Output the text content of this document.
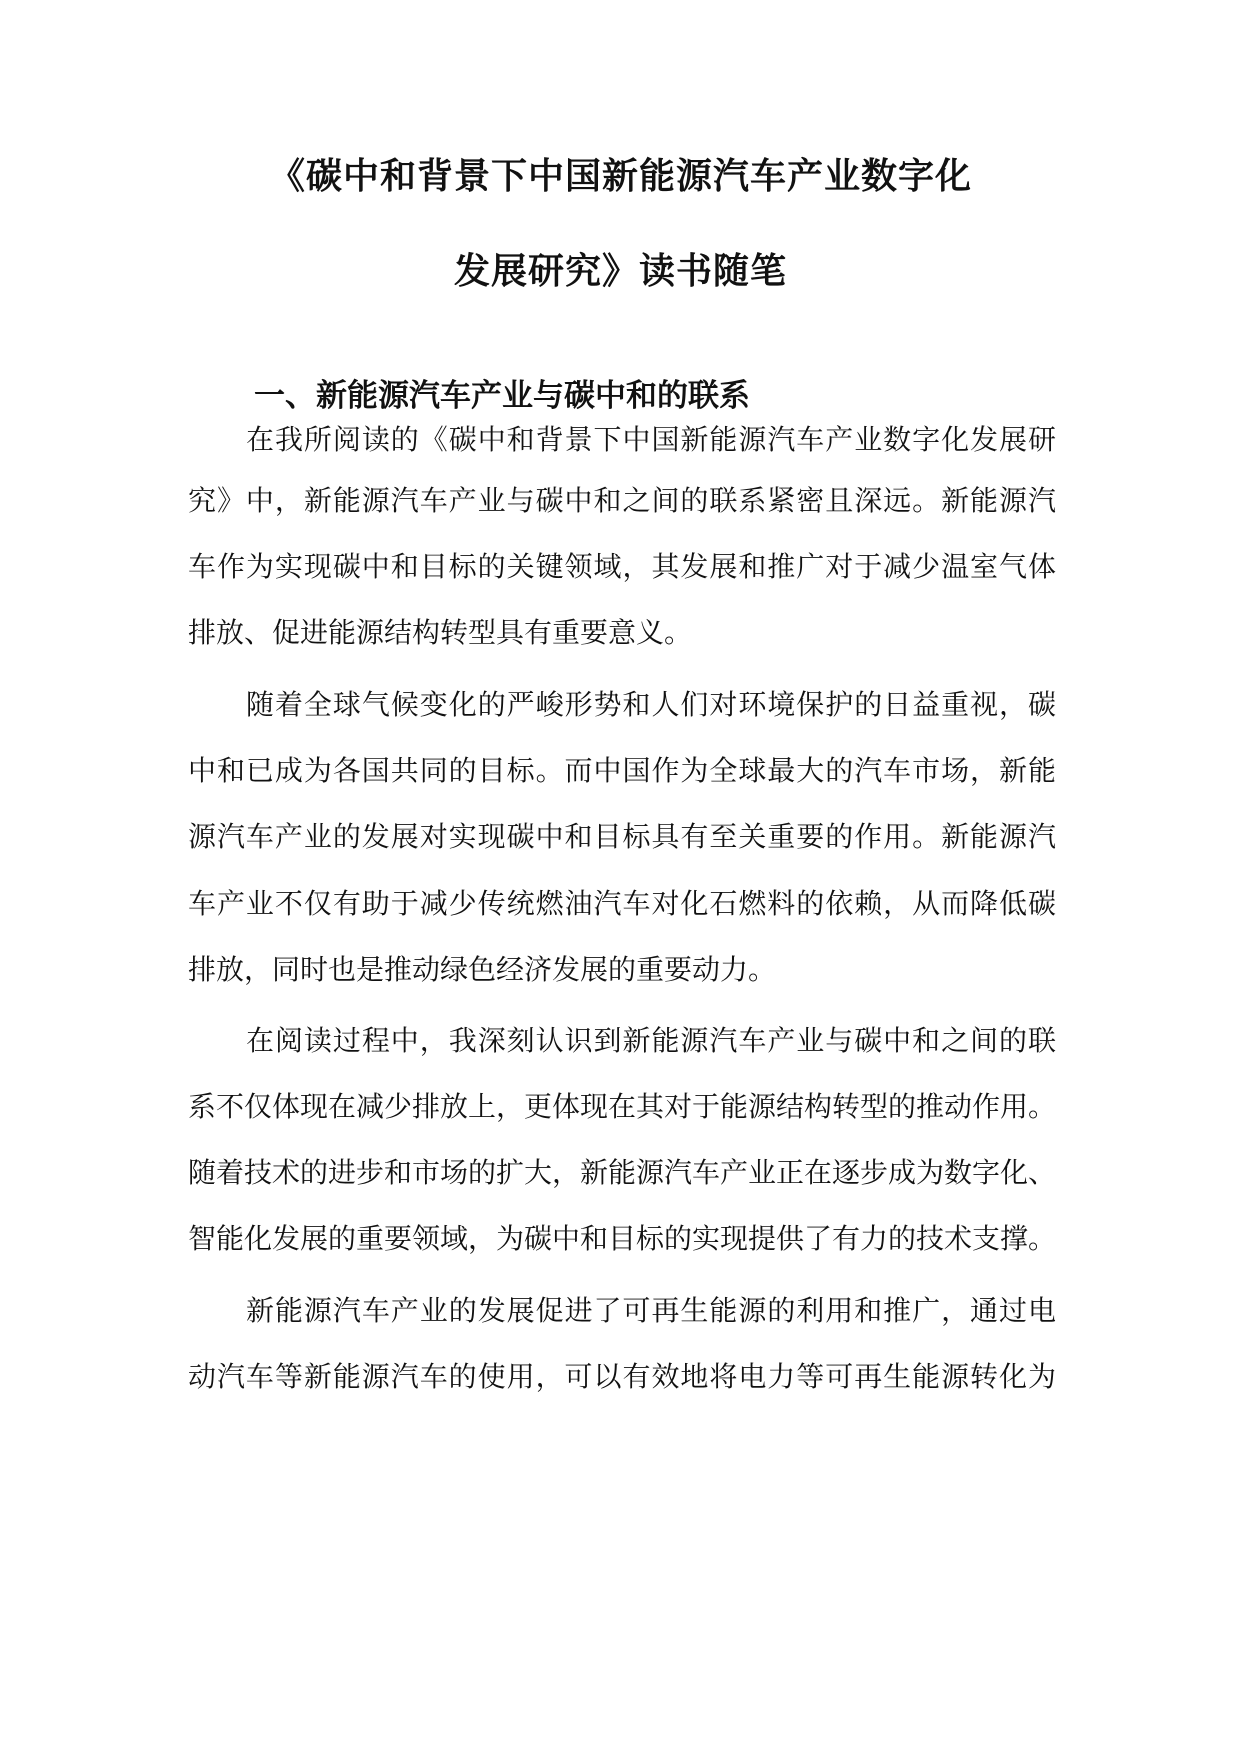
《碳中和背景下中国新能源汽车产业数字化
发展研究》读书随笔
一、新能源汽车产业与碳中和的联系
在我所阅读的《碳中和背景下中国新能源汽车产业数字化发展研
究》中，新能源汽车产业与碳中和之间的联系紧密且深远。新能源汽
车作为实现碳中和目标的关键领域，其发展和推广对于减少温室气体
排放、促进能源结构转型具有重要意义。
随着全球气候变化的严峻形势和人们对环境保护的日益重视，碳
中和已成为各国共同的目标。而中国作为全球最大的汽车市场，新能
源汽车产业的发展对实现碳中和目标具有至关重要的作用。新能源汽
车产业不仅有助于减少传统燃油汽车对化石燃料的依赖，从而降低碳
排放，同时也是推动绿色经济发展的重要动力。
在阅读过程中，我深刻认识到新能源汽车产业与碳中和之间的联
系不仅体现在减少排放上，更体现在其对于能源结构转型的推动作用。
随着技术的进步和市场的扩大，新能源汽车产业正在逐步成为数字化、
智能化发展的重要领域，为碳中和目标的实现提供了有力的技术支撑。
新能源汽车产业的发展促进了可再生能源的利用和推广，通过电
动汽车等新能源汽车的使用，可以有效地将电力等可再生能源转化为
